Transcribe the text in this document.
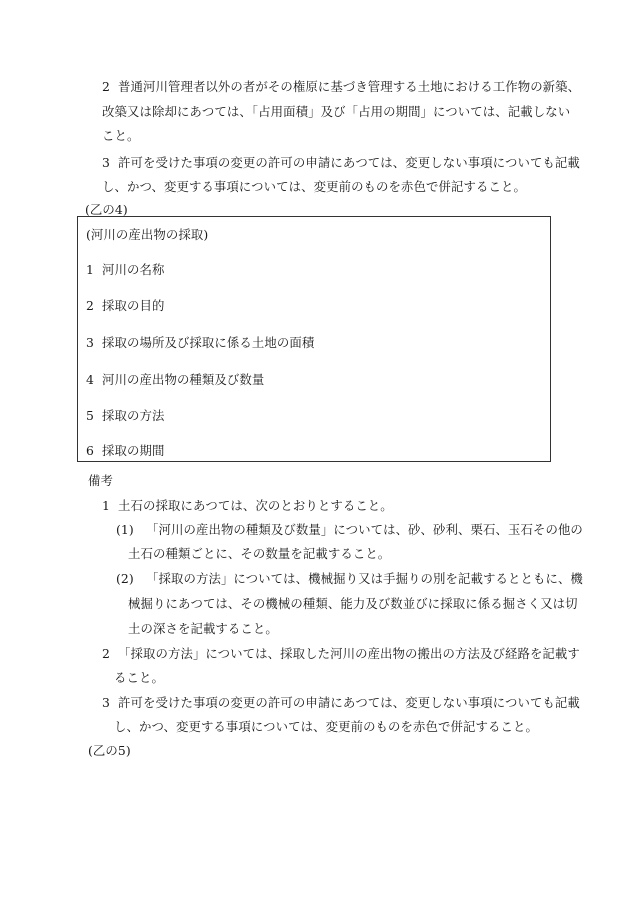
2 普通河川管理者以外の者がその権原に基づき管理する土地における工作物の新築、
改築又は除却にあつては、「占用面積」及び「占用の期間」については、記載しない
こと。
3 許可を受けた事項の変更の許可の申請にあつては、変更しない事項についても記載
し、かつ、変更する事項については、変更前のものを赤色で併記すること。
(乙の4)
(河川の産出物の採取)
1 河川の名称
2 採取の目的
3 採取の場所及び採取に係る土地の面積
4 河川の産出物の種類及び数量
5 採取の方法
6 採取の期間
備考
1 土石の採取にあつては、次のとおりとすること。
(1) 「河川の産出物の種類及び数量」については、砂、砂利、栗石、玉石その他の
土石の種類ごとに、その数量を記載すること。
(2) 「採取の方法」については、機械掘り又は手掘りの別を記載するとともに、機
械掘りにあつては、その機械の種類、能力及び数並びに採取に係る掘さく又は切
土の深さを記載すること。
2 「採取の方法」については、採取した河川の産出物の搬出の方法及び経路を記載す
ること。
3 許可を受けた事項の変更の許可の申請にあつては、変更しない事項についても記載
し、かつ、変更する事項については、変更前のものを赤色で併記すること。
(乙の5)
